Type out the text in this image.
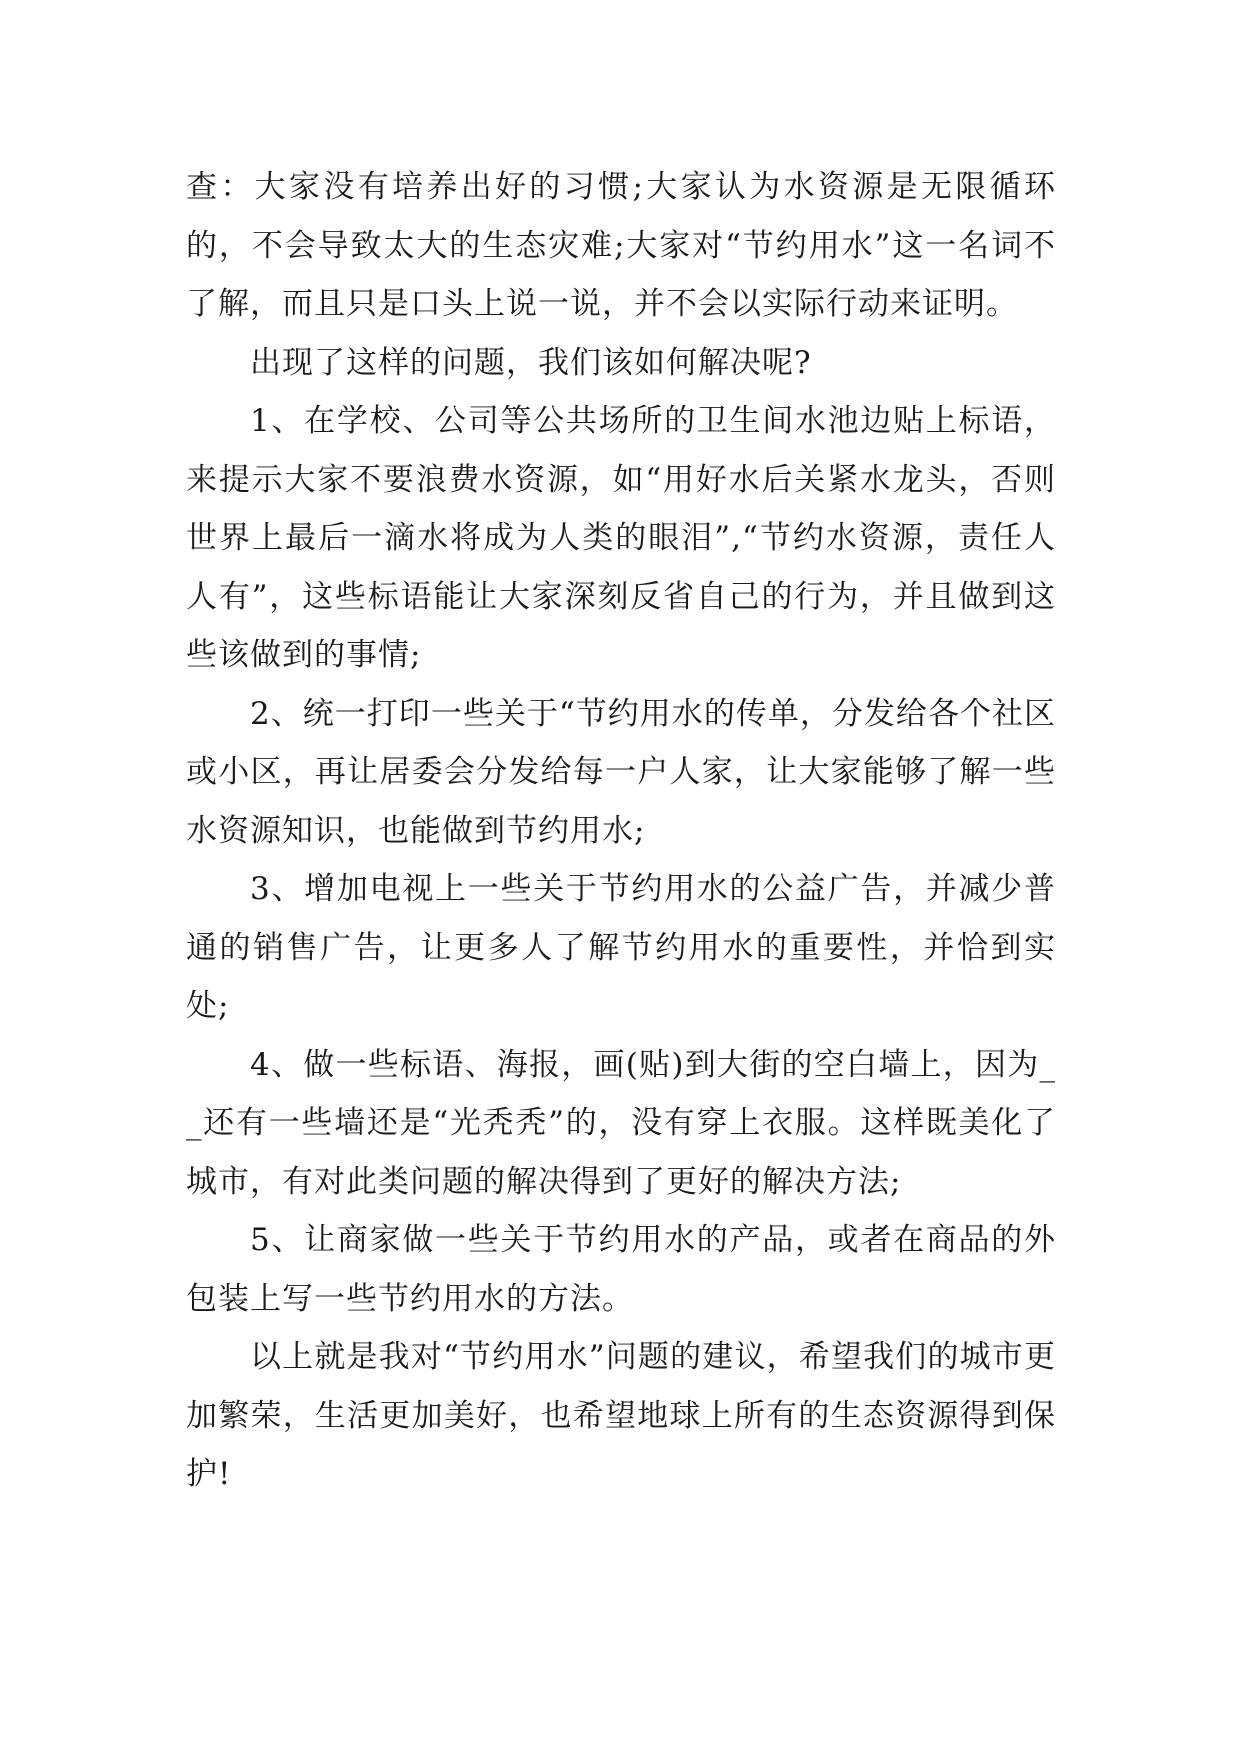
查：大家没有培养出好的习惯;大家认为水资源是无限循环的，不会导致太大的生态灾难;大家对“节约用水”这一名词不了解，而且只是口头上说一说，并不会以实际行动来证明。

出现了这样的问题，我们该如何解决呢?

1、在学校、公司等公共场所的卫生间水池边贴上标语，来提示大家不要浪费水资源，如“用好水后关紧水龙头，否则世界上最后一滴水将成为人类的眼泪”,“节约水资源，责任人人有”，这些标语能让大家深刻反省自己的行为，并且做到这些该做到的事情;

2、统一打印一些关于“节约用水的传单，分发给各个社区或小区，再让居委会分发给每一户人家，让大家能够了解一些水资源知识，也能做到节约用水;

3、增加电视上一些关于节约用水的公益广告，并减少普通的销售广告，让更多人了解节约用水的重要性，并恰到实处;

4、做一些标语、海报，画(贴)到大街的空白墙上，因为__还有一些墙还是“光秃秃”的，没有穿上衣服。这样既美化了城市，有对此类问题的解决得到了更好的解决方法;

5、让商家做一些关于节约用水的产品，或者在商品的外包装上写一些节约用水的方法。

以上就是我对“节约用水”问题的建议，希望我们的城市更加繁荣，生活更加美好，也希望地球上所有的生态资源得到保护!
